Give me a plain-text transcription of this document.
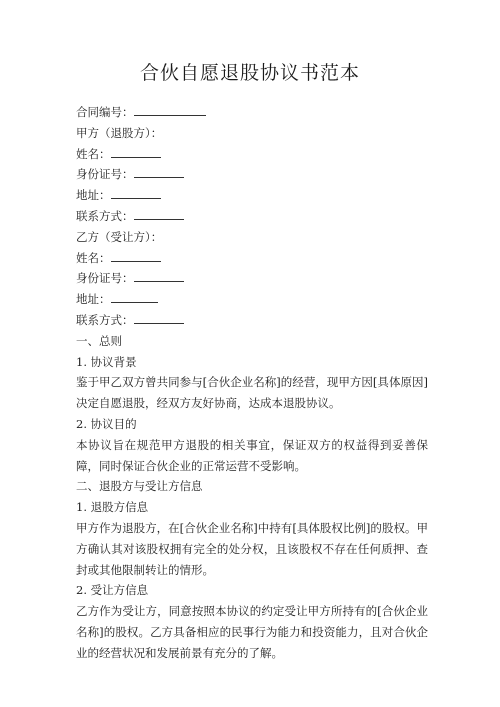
合伙自愿退股协议书范本
合同编号：
甲方（退股方）：
姓名：
身份证号：
地址：
联系方式：
乙方（受让方）：
姓名：
身份证号：
地址：
联系方式：
一、总则
1. 协议背景
鉴于甲乙双方曾共同参与[合伙企业名称]的经营，现甲方因[具体原因]决定自愿退股，经双方友好协商，达成本退股协议。
2. 协议目的
本协议旨在规范甲方退股的相关事宜，保证双方的权益得到妥善保障，同时保证合伙企业的正常运营不受影响。
二、退股方与受让方信息
1. 退股方信息
甲方作为退股方，在[合伙企业名称]中持有[具体股权比例]的股权。甲方确认其对该股权拥有完全的处分权，且该股权不存在任何质押、查封或其他限制转让的情形。
2. 受让方信息
乙方作为受让方，同意按照本协议的约定受让甲方所持有的[合伙企业名称]的股权。乙方具备相应的民事行为能力和投资能力，且对合伙企业的经营状况和发展前景有充分的了解。
